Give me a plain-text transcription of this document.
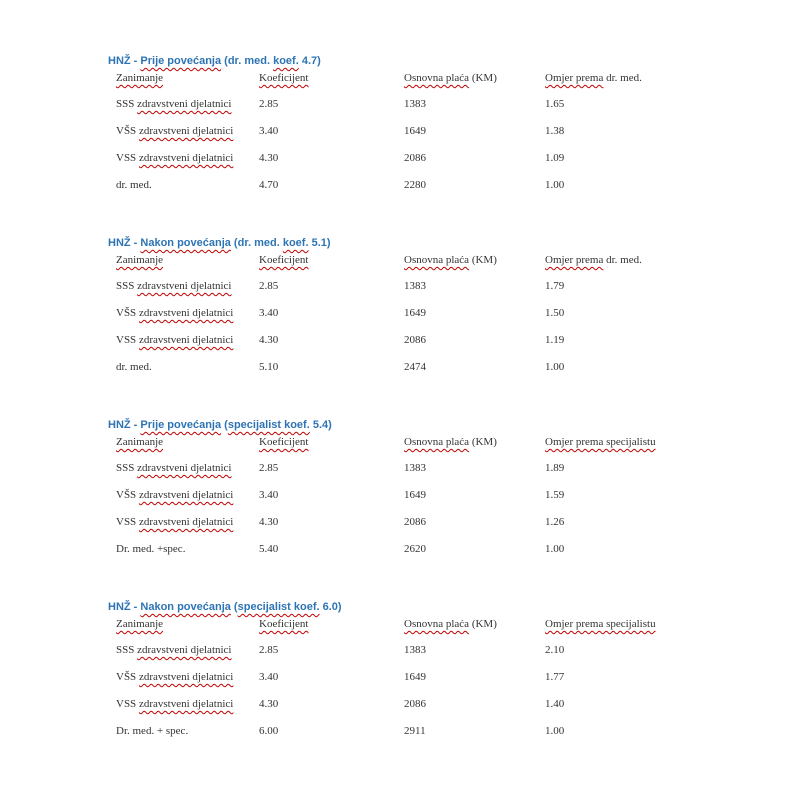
HNŽ - Prije povećanja (dr. med. koef. 4.7)
Zanimanje	Koeficijent	Osnovna plaća (KM)	Omjer prema dr. med.
SSS zdravstveni djelatnici	2.85	1383	1.65
VŠS zdravstveni djelatnici	3.40	1649	1.38
VSS zdravstveni djelatnici	4.30	2086	1.09
dr. med.	4.70	2280	1.00
HNŽ - Nakon povećanja (dr. med. koef. 5.1)
Zanimanje	Koeficijent	Osnovna plaća (KM)	Omjer prema dr. med.
SSS zdravstveni djelatnici	2.85	1383	1.79
VŠS zdravstveni djelatnici	3.40	1649	1.50
VSS zdravstveni djelatnici	4.30	2086	1.19
dr. med.	5.10	2474	1.00
HNŽ - Prije povećanja (specijalist koef. 5.4)
Zanimanje	Koeficijent	Osnovna plaća (KM)	Omjer prema specijalistu
SSS zdravstveni djelatnici	2.85	1383	1.89
VŠS zdravstveni djelatnici	3.40	1649	1.59
VSS zdravstveni djelatnici	4.30	2086	1.26
Dr. med. +spec.	5.40	2620	1.00
HNŽ - Nakon povećanja (specijalist koef. 6.0)
Zanimanje	Koeficijent	Osnovna plaća (KM)	Omjer prema specijalistu
SSS zdravstveni djelatnici	2.85	1383	2.10
VŠS zdravstveni djelatnici	3.40	1649	1.77
VSS zdravstveni djelatnici	4.30	2086	1.40
Dr. med. + spec.	6.00	2911	1.00
